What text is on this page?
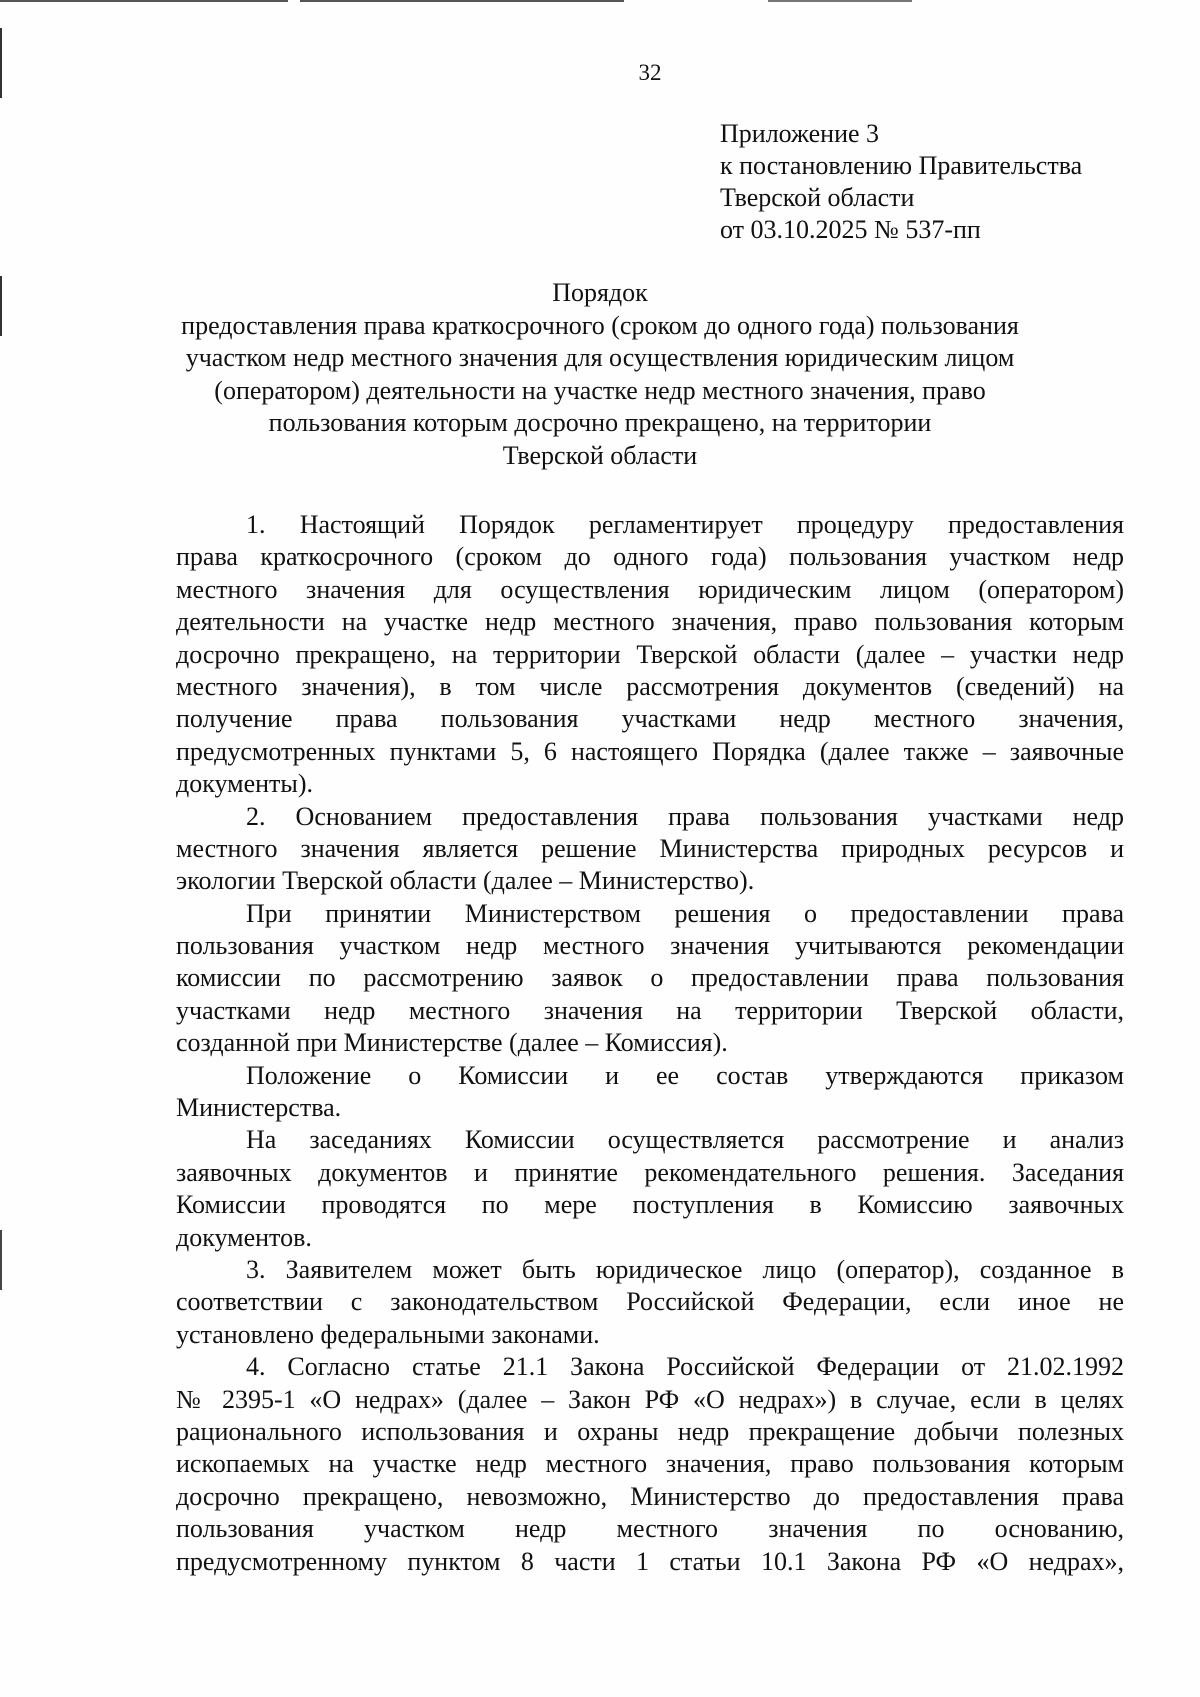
32
Приложение 3
к постановлению Правительства
Тверской области
от 03.10.2025 № 537-пп
Порядок
предоставления права краткосрочного (сроком до одного года) пользования
участком недр местного значения для осуществления юридическим лицом
(оператором) деятельности на участке недр местного значения, право
пользования которым досрочно прекращено, на территории
Тверской области
1. Настоящий Порядок регламентирует процедуру предоставления
права краткосрочного (сроком до одного года) пользования участком недр
местного значения для осуществления юридическим лицом (оператором)
деятельности на участке недр местного значения, право пользования которым
досрочно прекращено, на территории Тверской области (далее – участки недр
местного значения), в том числе рассмотрения документов (сведений) на
получение права пользования участками недр местного значения,
предусмотренных пунктами 5, 6 настоящего Порядка (далее также – заявочные
документы).
2. Основанием предоставления права пользования участками недр
местного значения является решение Министерства природных ресурсов и
экологии Тверской области (далее – Министерство).
При принятии Министерством решения о предоставлении права
пользования участком недр местного значения учитываются рекомендации
комиссии по рассмотрению заявок о предоставлении права пользования
участками недр местного значения на территории Тверской области,
созданной при Министерстве (далее – Комиссия).
Положение о Комиссии и ее состав утверждаются приказом
Министерства.
На заседаниях Комиссии осуществляется рассмотрение и анализ
заявочных документов и принятие рекомендательного решения. Заседания
Комиссии проводятся по мере поступления в Комиссию заявочных
документов.
3. Заявителем может быть юридическое лицо (оператор), созданное в
соответствии с законодательством Российской Федерации, если иное не
установлено федеральными законами.
4. Согласно статье 21.1 Закона Российской Федерации от 21.02.1992
№ 2395-1 «О недрах» (далее – Закон РФ «О недрах») в случае, если в целях
рационального использования и охраны недр прекращение добычи полезных
ископаемых на участке недр местного значения, право пользования которым
досрочно прекращено, невозможно, Министерство до предоставления права
пользования участком недр местного значения по основанию,
предусмотренному пунктом 8 части 1 статьи 10.1 Закона РФ «О недрах»,
